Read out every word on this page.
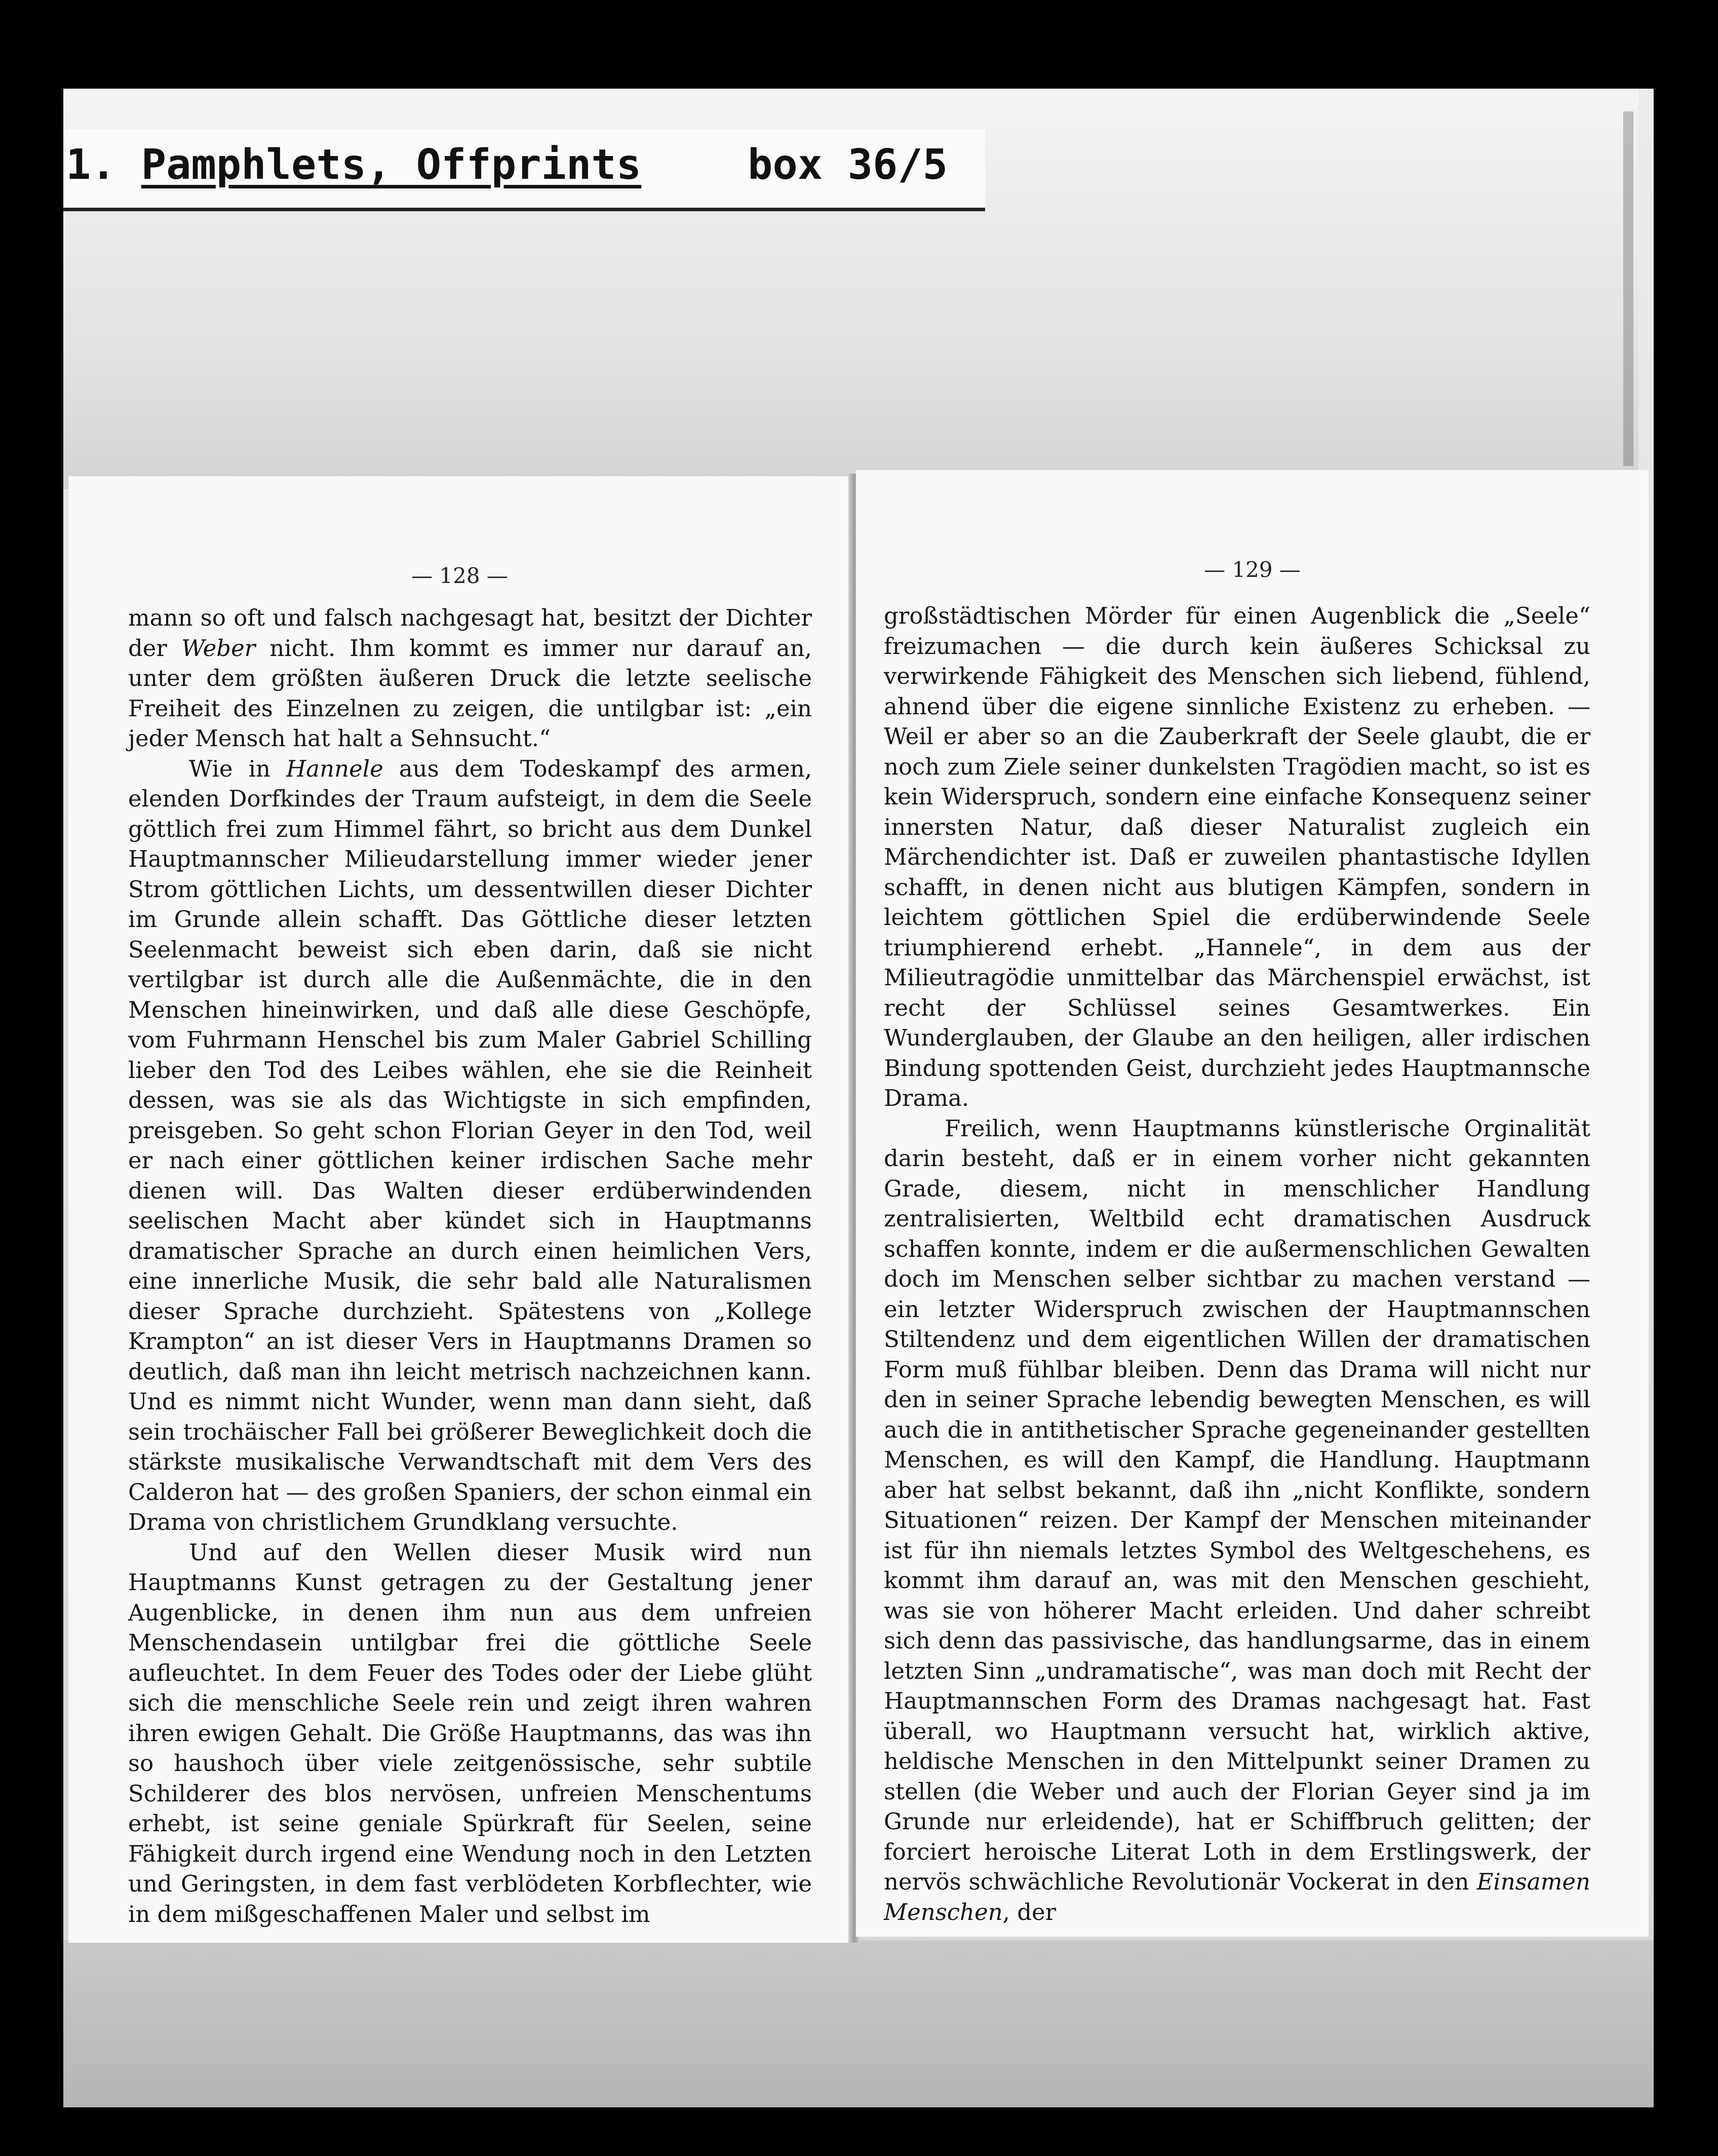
1. Pamphlets, Offprints	box 36/5
— 128 —

mann so oft und falsch nachgesagt hat, besitzt der Dichter der Weber nicht. Ihm kommt es immer nur darauf an, unter dem größten äußeren Druck die letzte seelische Freiheit des Einzelnen zu zeigen, die untilgbar ist: „ein jeder Mensch hat halt a Sehnsucht.“

Wie in Hannele aus dem Todeskampf des armen, elenden Dorfkindes der Traum aufsteigt, in dem die Seele göttlich frei zum Himmel fährt, so bricht aus dem Dunkel Hauptmannscher Milieudarstellung immer wieder jener Strom göttlichen Lichts, um dessentwillen dieser Dichter im Grunde allein schafft. Das Göttliche dieser letzten Seelenmacht beweist sich eben darin, daß sie nicht vertilgbar ist durch alle die Außenmächte, die in den Menschen hineinwirken, und daß alle diese Geschöpfe, vom Fuhrmann Henschel bis zum Maler Gabriel Schilling lieber den Tod des Leibes wählen, ehe sie die Reinheit dessen, was sie als das Wichtigste in sich empfinden, preisgeben. So geht schon Florian Geyer in den Tod, weil er nach einer göttlichen keiner irdischen Sache mehr dienen will. Das Walten dieser erdüberwindenden seelischen Macht aber kündet sich in Hauptmanns dramatischer Sprache an durch einen heimlichen Vers, eine innerliche Musik, die sehr bald alle Naturalismen dieser Sprache durchzieht. Spätestens von „Kollege Krampton“ an ist dieser Vers in Hauptmanns Dramen so deutlich, daß man ihn leicht metrisch nachzeichnen kann. Und es nimmt nicht Wunder, wenn man dann sieht, daß sein trochäischer Fall bei größerer Beweglichkeit doch die stärkste musikalische Verwandtschaft mit dem Vers des Calderon hat — des großen Spaniers, der schon einmal ein Drama von christlichem Grundklang versuchte.

Und auf den Wellen dieser Musik wird nun Hauptmanns Kunst getragen zu der Gestaltung jener Augenblicke, in denen ihm nun aus dem unfreien Menschendasein untilgbar frei die göttliche Seele aufleuchtet. In dem Feuer des Todes oder der Liebe glüht sich die menschliche Seele rein und zeigt ihren wahren ihren ewigen Gehalt. Die Größe Hauptmanns, das was ihn so haushoch über viele zeitgenössische, sehr subtile Schilderer des blos nervösen, unfreien Menschentums erhebt, ist seine geniale Spürkraft für Seelen, seine Fähigkeit durch irgend eine Wendung noch in den Letzten und Geringsten, in dem fast verblödeten Korbflechter, wie in dem mißgeschaffenen Maler und selbst im

— 129 —

großstädtischen Mörder für einen Augenblick die „Seele“ freizumachen — die durch kein äußeres Schicksal zu verwirkende Fähigkeit des Menschen sich liebend, fühlend, ahnend über die eigene sinnliche Existenz zu erheben. — Weil er aber so an die Zauberkraft der Seele glaubt, die er noch zum Ziele seiner dunkelsten Tragödien macht, so ist es kein Widerspruch, sondern eine einfache Konsequenz seiner innersten Natur, daß dieser Naturalist zugleich ein Märchendichter ist. Daß er zuweilen phantastische Idyllen schafft, in denen nicht aus blutigen Kämpfen, sondern in leichtem göttlichen Spiel die erdüberwindende Seele triumphierend erhebt. „Hannele“, in dem aus der Milieutragödie unmittelbar das Märchenspiel erwächst, ist recht der Schlüssel seines Gesamtwerkes. Ein Wunderglauben, der Glaube an den heiligen, aller irdischen Bindung spottenden Geist, durchzieht jedes Hauptmannsche Drama.

Freilich, wenn Hauptmanns künstlerische Orginalität darin besteht, daß er in einem vorher nicht gekannten Grade, diesem, nicht in menschlicher Handlung zentralisierten, Weltbild echt dramatischen Ausdruck schaffen konnte, indem er die außermenschlichen Gewalten doch im Menschen selber sichtbar zu machen verstand — ein letzter Widerspruch zwischen der Hauptmannschen Stiltendenz und dem eigentlichen Willen der dramatischen Form muß fühlbar bleiben. Denn das Drama will nicht nur den in seiner Sprache lebendig bewegten Menschen, es will auch die in antithetischer Sprache gegeneinander gestellten Menschen, es will den Kampf, die Handlung. Hauptmann aber hat selbst bekannt, daß ihn „nicht Konflikte, sondern Situationen“ reizen. Der Kampf der Menschen miteinander ist für ihn niemals letztes Symbol des Weltgeschehens, es kommt ihm darauf an, was mit den Menschen geschieht, was sie von höherer Macht erleiden. Und daher schreibt sich denn das passivische, das handlungsarme, das in einem letzten Sinn „undramatische“, was man doch mit Recht der Hauptmannschen Form des Dramas nachgesagt hat. Fast überall, wo Hauptmann versucht hat, wirklich aktive, heldische Menschen in den Mittelpunkt seiner Dramen zu stellen (die Weber und auch der Florian Geyer sind ja im Grunde nur erleidende), hat er Schiffbruch gelitten; der forciert heroische Literat Loth in dem Erstlingswerk, der nervös schwächliche Revolutionär Vockerat in den Einsamen Menschen, der
